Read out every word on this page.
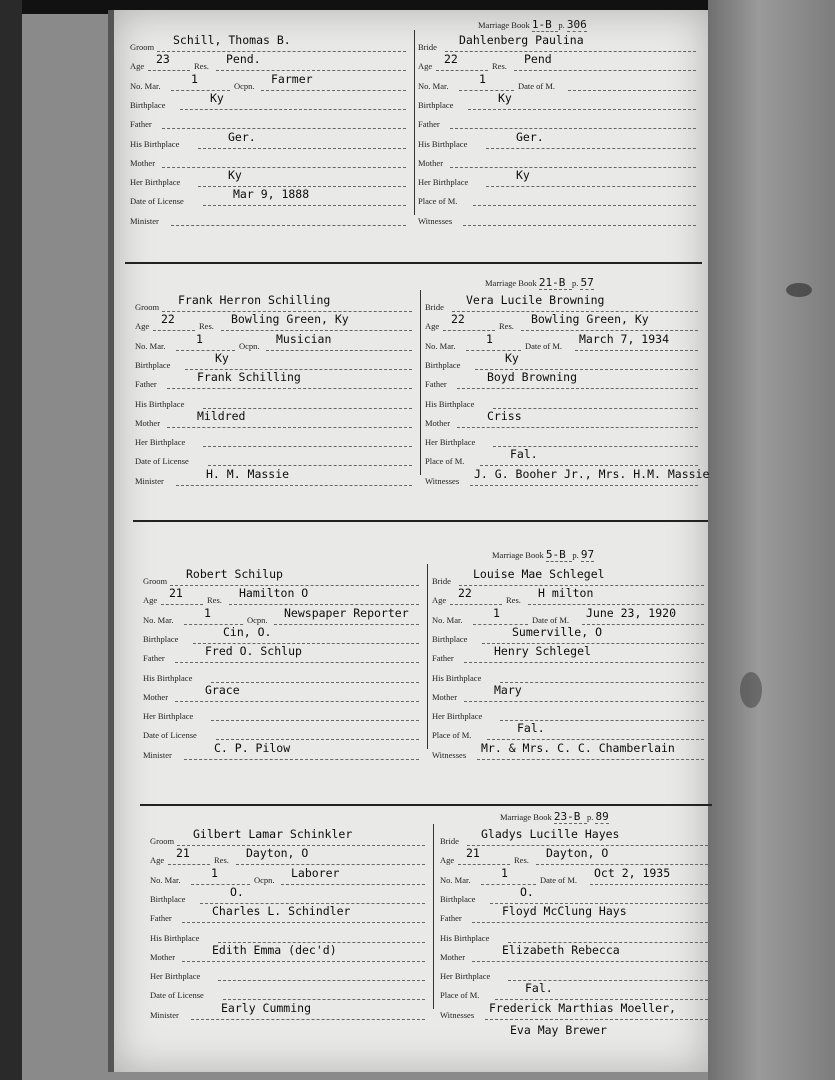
Marriage Book 1-B p. 306
Groom Schill, Thomas B.
Age 23	Res. Pend.
No. Mar.	1	Ocpn. Farmer
Birthplace	Ky
Father
His Birthplace	Ger.
Mother
Her Birthplace	Ky
Date of License	Mar 9, 1888
Minister
Bride Dahlenberg Paulina
Age 22	Res. Pend
No. Mar.	1	Date of M.
Birthplace	Ky
Father
His Birthplace	Ger.
Mother
Her Birthplace	Ky
Place of M.
Witnesses
Marriage Book 21-B p. 57
Groom Frank Herron Schilling
Age 22	Res. Bowling Green, Ky
No. Mar.	1	Ocpn. Musician
Birthplace	Ky
Father	Frank Schilling
His Birthplace
Mother	Mildred
Her Birthplace
Date of License
Minister	H. M. Massie
Bride Vera Lucile Browning
Age 22	Res. Bowling Green, Ky
No. Mar.	1	Date of M. March 7, 1934
Birthplace	Ky
Father	Boyd Browning
His Birthplace
Mother	Criss
Her Birthplace
Place of M.	Fal.
Witnesses J. G. Booher Jr., Mrs. H.M. Massie
Marriage Book 5-B p. 97
Groom Robert Schilup
Age 21	Res. Hamilton O
No. Mar.	1	Ocpn. Newspaper Reporter
Birthplace	Cin, O.
Father	Fred O. Schlup
His Birthplace
Mother	Grace
Her Birthplace
Date of License
Minister	C. P. Pilow
Bride Louise Mae Schlegel
Age 22	Res. H milton
No. Mar.	1	Date of M. June 23, 1920
Birthplace	Sumerville, O
Father	Henry Schlegel
His Birthplace
Mother	Mary
Her Birthplace
Place of M.	Fal.
Witnesses Mr. & Mrs. C. C. Chamberlain
Marriage Book 23-B p. 89
Groom Gilbert Lamar Schinkler
Age 21	Res. Dayton, O
No. Mar.	1	Ocpn. Laborer
Birthplace	O.
Father	Charles L. Schindler
His Birthplace
Mother	Edith Emma (dec'd)
Her Birthplace
Date of License
Minister	Early Cumming
Bride Gladys Lucille Hayes
Age 21	Res. Dayton, O
No. Mar.	1	Date of M. Oct 2, 1935
Birthplace	O.
Father	Floyd McClung Hays
His Birthplace
Mother	Elizabeth Rebecca
Her Birthplace
Place of M.	Fal.
Witnesses Frederick Marthias Moeller,
Eva May Brewer
